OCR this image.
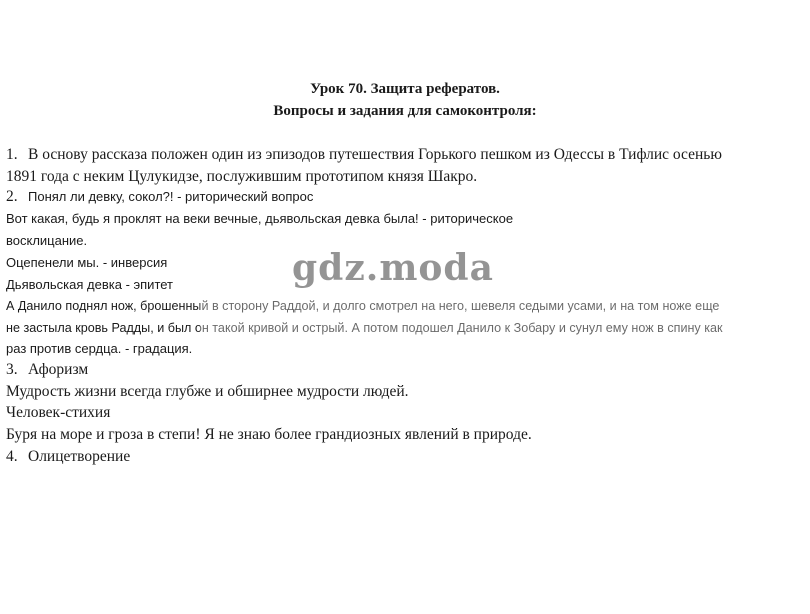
Урок 70. Защита рефератов.
Вопросы и задания для самоконтроля:
1. В основу рассказа положен один из эпизодов путешествия Горького пешком из Одессы в Тифлис осенью
1891 года с неким Цулукидзе, послужившим прототипом князя Шакро.
2. Понял ли девку, сокол?! - риторический вопрос
Вот какая, будь я проклят на веки вечные, дьявольская девка была! - риторическое
восклицание.
Оцепенели мы. - инверсия
Дьявольская девка - эпитет
А Данило поднял нож, брошенный в сторону Раддой, и долго смотрел на него, шевеля седыми усами, и на том ноже еще
не застыла кровь Радды, и был он такой кривой и острый. А потом подошел Данило к Зобару и сунул ему нож в спину как
раз против сердца. - градация.
3. Афоризм
Мудрость жизни всегда глубже и обширнее мудрости людей.
Человек-стихия
Буря на море и гроза в степи! Я не знаю более грандиозных явлений в природе.
4. Олицетворение
gdz.moda
